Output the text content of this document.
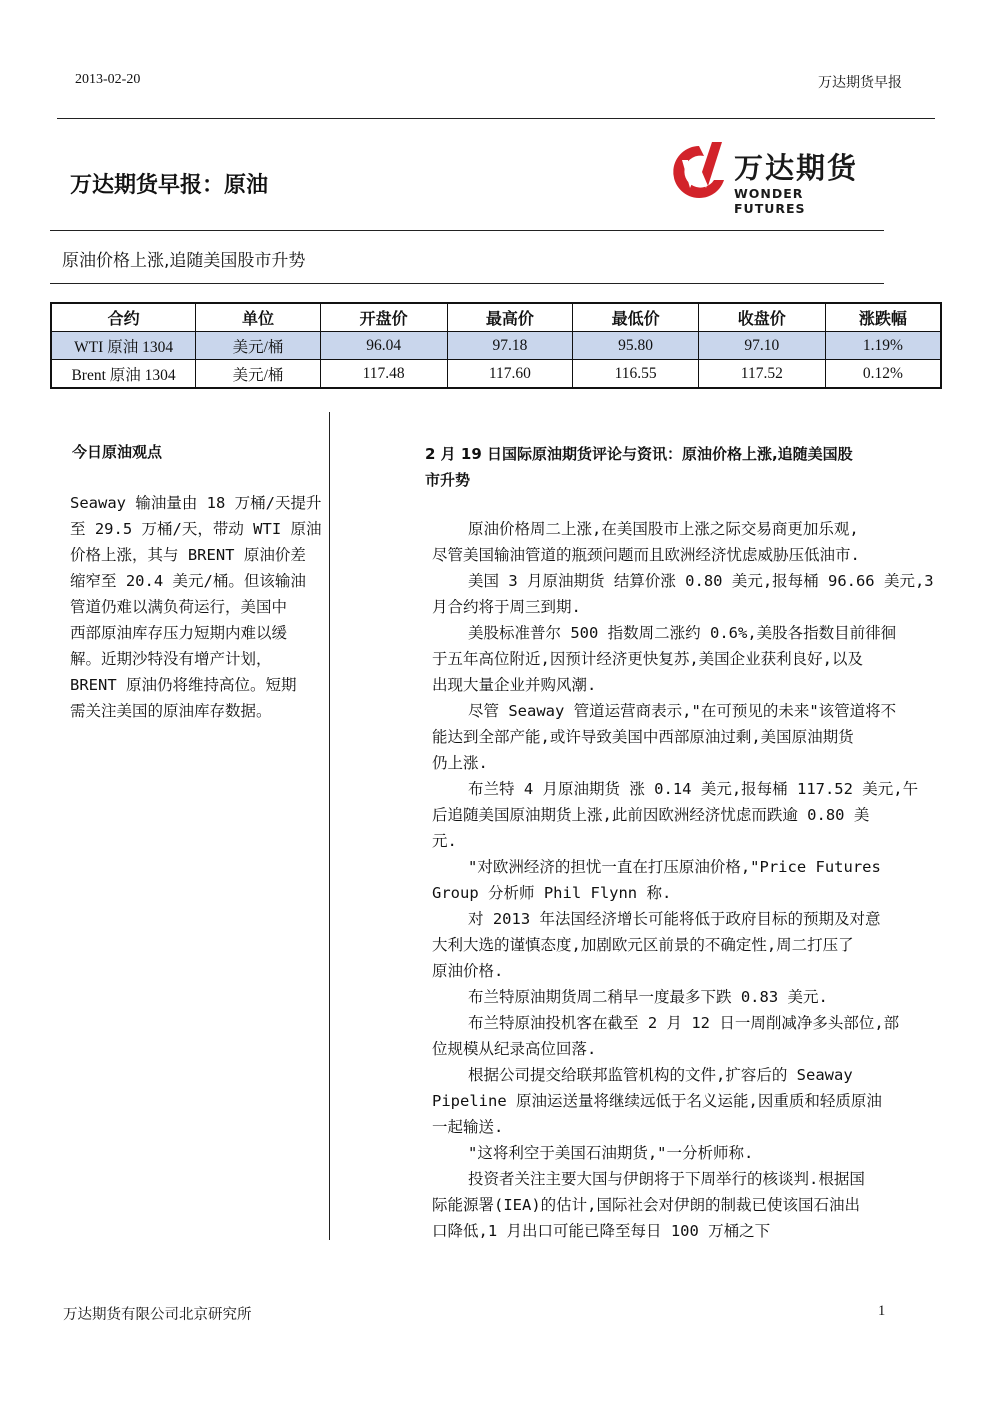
2013-02-20	万达期货早报
万达期货早报：原油
万达期货
WONDER FUTURES
原油价格上涨,追随美国股市升势
合约	单位	开盘价	最高价	最低价	收盘价	涨跌幅
WTI 原油 1304	美元/桶	96.04	97.18	95.80	97.10	1.19%
Brent 原油 1304	美元/桶	117.48	117.60	116.55	117.52	0.12%
今日原油观点
Seaway 输油量由 18 万桶/天提升
至 29.5 万桶/天，带动 WTI 原油
价格上涨，其与 BRENT 原油价差
缩窄至 20.4 美元/桶。但该输油
管道仍难以满负荷运行，美国中
西部原油库存压力短期内难以缓
解。近期沙特没有增产计划，
BRENT 原油仍将维持高位。短期
需关注美国的原油库存数据。
2 月 19 日国际原油期货评论与资讯：原油价格上涨,追随美国股
市升势
原油价格周二上涨,在美国股市上涨之际交易商更加乐观,
尽管美国输油管道的瓶颈问题而且欧洲经济忧虑威胁压低油市.
美国 3 月原油期货 结算价涨 0.80 美元,报每桶 96.66 美元,3
月合约将于周三到期.
美股标准普尔 500 指数周二涨约 0.6%,美股各指数目前徘徊
于五年高位附近,因预计经济更快复苏,美国企业获利良好,以及
出现大量企业并购风潮.
尽管 Seaway 管道运营商表示,"在可预见的未来"该管道将不
能达到全部产能,或许导致美国中西部原油过剩,美国原油期货
仍上涨.
布兰特 4 月原油期货 涨 0.14 美元,报每桶 117.52 美元,午
后追随美国原油期货上涨,此前因欧洲经济忧虑而跌逾 0.80 美
元.
"对欧洲经济的担忧一直在打压原油价格,"Price Futures
Group 分析师 Phil Flynn 称.
对 2013 年法国经济增长可能将低于政府目标的预期及对意
大利大选的谨慎态度,加剧欧元区前景的不确定性,周二打压了
原油价格.
布兰特原油期货周二稍早一度最多下跌 0.83 美元.
布兰特原油投机客在截至 2 月 12 日一周削减净多头部位,部
位规模从纪录高位回落.
根据公司提交给联邦监管机构的文件,扩容后的 Seaway
Pipeline 原油运送量将继续远低于名义运能,因重质和轻质原油
一起输送.
"这将利空于美国石油期货,"一分析师称.
投资者关注主要大国与伊朗将于下周举行的核谈判.根据国
际能源署(IEA)的估计,国际社会对伊朗的制裁已使该国石油出
口降低,1 月出口可能已降至每日 100 万桶之下
万达期货有限公司北京研究所	1
